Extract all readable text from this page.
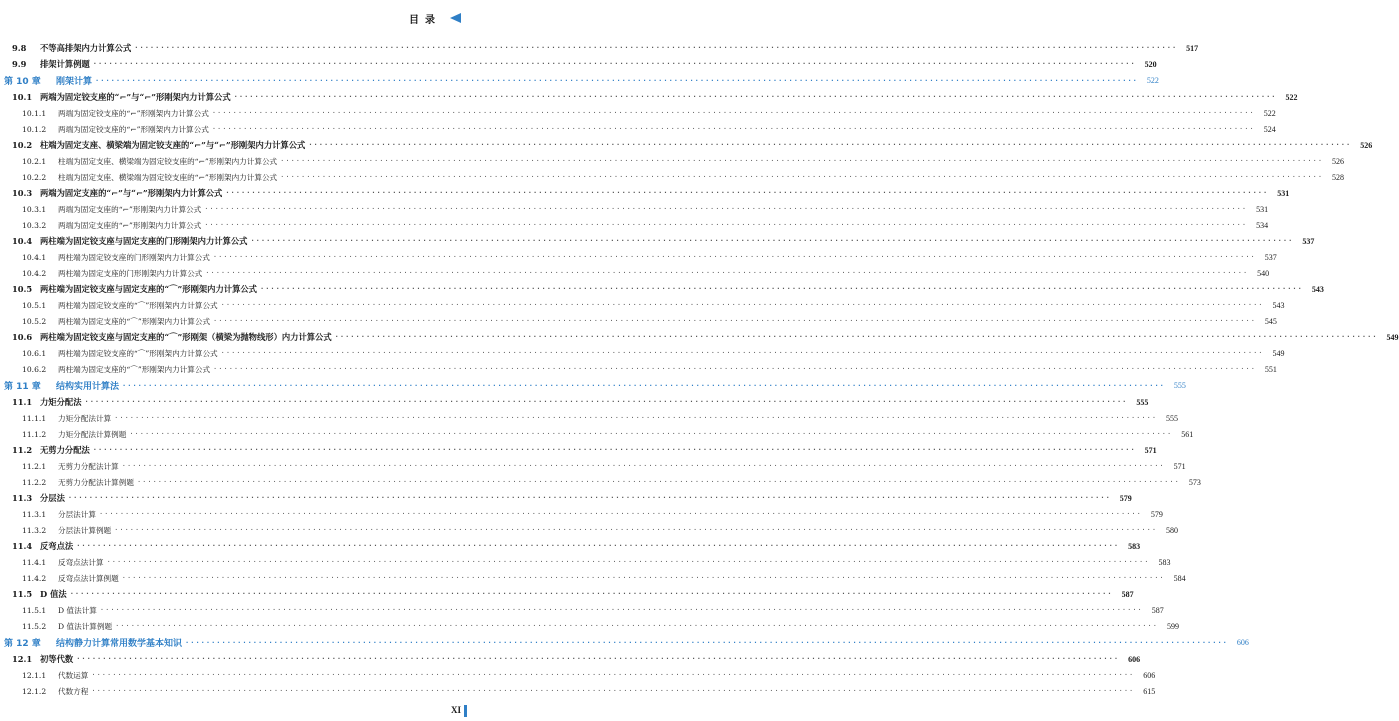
目录
9.8 不等高排架内力计算公式 ········································································································································································································	517
9.9 排架计算例题 ········································································································································································································	520
第 10 章 刚架计算 ········································································································································································································	522
10.1 两端为固定铰支座的“⌐”与“⌐”形刚架内力计算公式 ········································································································································································································	522
10.1.1 两端为固定铰支座的“⌐”形刚架内力计算公式 ········································································································································································································	522
10.1.2 两端为固定铰支座的“⌐”形刚架内力计算公式 ········································································································································································································	524
10.2 柱端为固定支座、横梁端为固定铰支座的“⌐”与“⌐”形刚架内力计算公式 ········································································································································································································	526
10.2.1 柱端为固定支座、横梁端为固定铰支座的“⌐”形刚架内力计算公式 ········································································································································································································	526
10.2.2 柱端为固定支座、横梁端为固定铰支座的“⌐”形刚架内力计算公式 ········································································································································································································	528
10.3 两端为固定支座的“⌐”与“⌐”形刚架内力计算公式 ········································································································································································································	531
10.3.1 两端为固定支座的“⌐”形刚架内力计算公式 ········································································································································································································	531
10.3.2 两端为固定支座的“⌐”形刚架内力计算公式 ········································································································································································································	534
10.4 两柱端为固定铰支座与固定支座的门形刚架内力计算公式 ········································································································································································································	537
10.4.1 两柱端为固定铰支座的门形刚架内力计算公式 ········································································································································································································	537
10.4.2 两柱端为固定支座的门形刚架内力计算公式 ········································································································································································································	540
10.5 两柱端为固定铰支座与固定支座的“⌒”形刚架内力计算公式 ········································································································································································································	543
10.5.1 两柱端为固定铰支座的“⌒”形刚架内力计算公式 ········································································································································································································	543
10.5.2 两柱端为固定支座的“⌒”形刚架内力计算公式 ········································································································································································································	545
10.6 两柱端为固定铰支座与固定支座的“⌒”形刚架（横梁为抛物线形）内力计算公式 ········································································································································································································	549
10.6.1 两柱端为固定铰支座的“⌒”形刚架内力计算公式 ········································································································································································································	549
10.6.2 两柱端为固定支座的“⌒”形刚架内力计算公式 ········································································································································································································	551
第 11 章 结构实用计算法 ········································································································································································································	555
11.1 力矩分配法 ········································································································································································································	555
11.1.1 力矩分配法计算 ········································································································································································································	555
11.1.2 力矩分配法计算例题 ········································································································································································································	561
11.2 无剪力分配法 ········································································································································································································	571
11.2.1 无剪力分配法计算 ········································································································································································································	571
11.2.2 无剪力分配法计算例题 ········································································································································································································	573
11.3 分层法 ········································································································································································································	579
11.3.1 分层法计算 ········································································································································································································	579
11.3.2 分层法计算例题 ········································································································································································································	580
11.4 反弯点法 ········································································································································································································	583
11.4.1 反弯点法计算 ········································································································································································································	583
11.4.2 反弯点法计算例题 ········································································································································································································	584
11.5 D 值法 ········································································································································································································	587
11.5.1 D 值法计算 ········································································································································································································	587
11.5.2 D 值法计算例题 ········································································································································································································	599
第 12 章 结构静力计算常用数学基本知识 ········································································································································································································	606
12.1 初等代数 ········································································································································································································	606
12.1.1 代数运算 ········································································································································································································	606
12.1.2 代数方程 ········································································································································································································	615
XI
